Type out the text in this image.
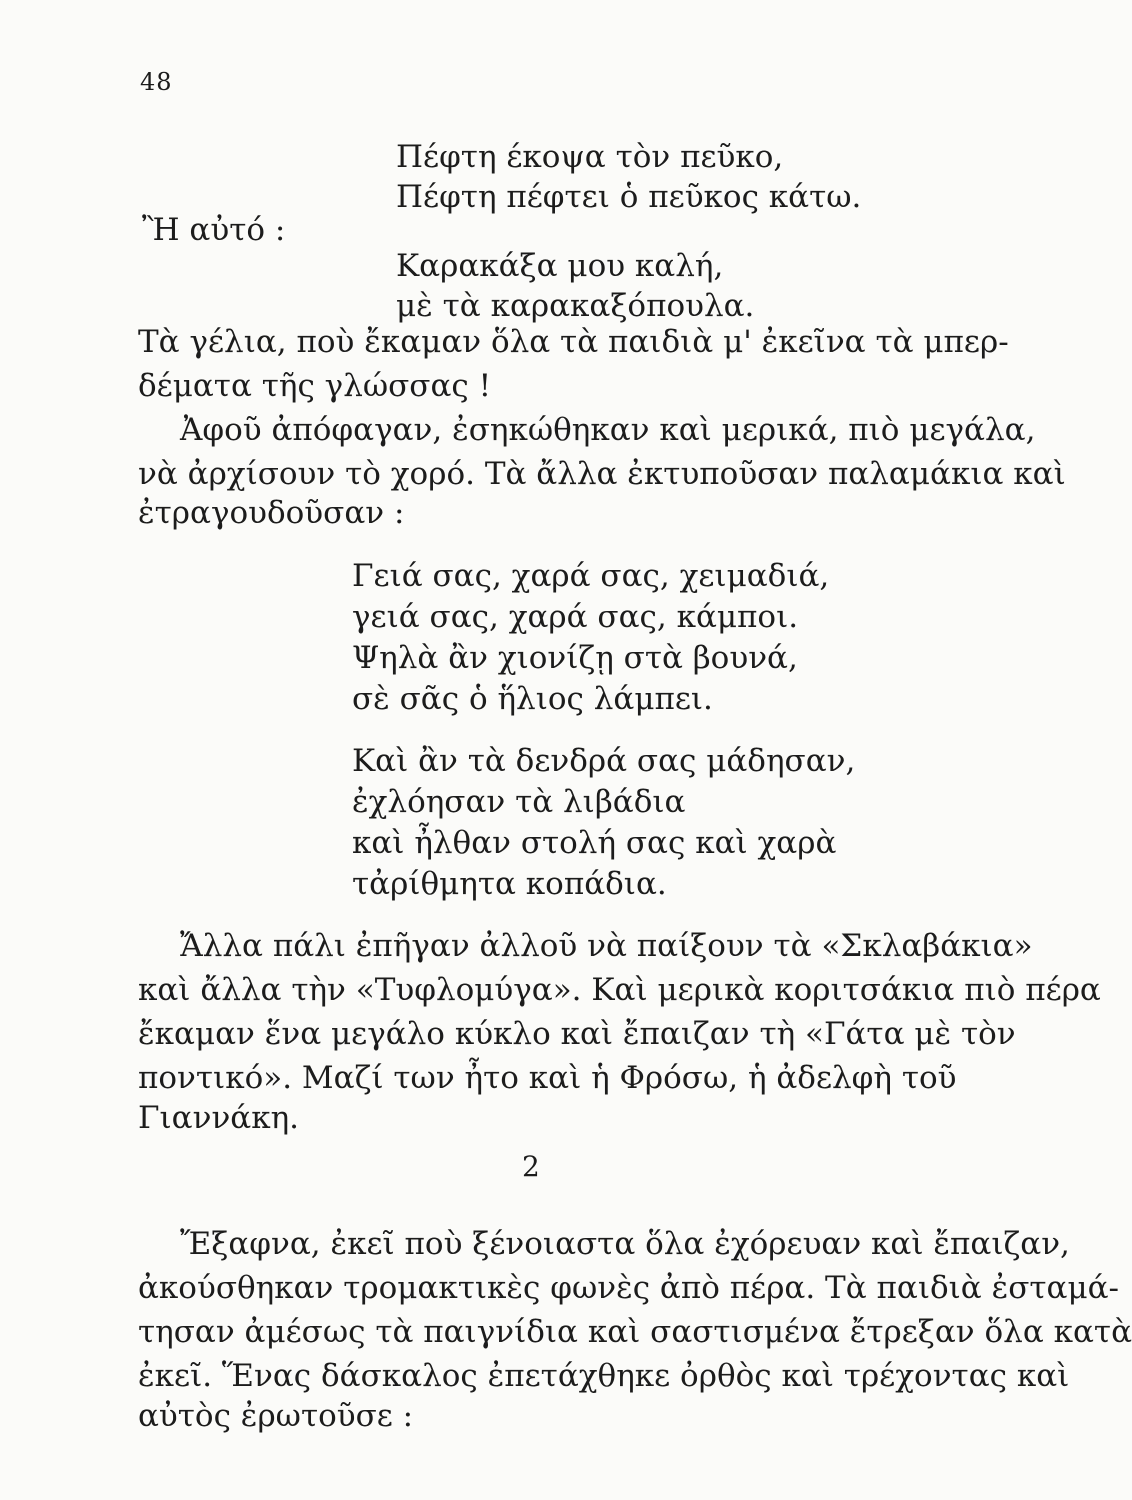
48
Πέφτη έκοψα τὸν πεῦκο,
Πέφτη πέφτει ὁ πεῦκος κάτω.
Ἢ αὐτό :
Καρακάξα μου καλή,
μὲ τὰ καρακαξόπουλα.
Τὰ γέλια, ποὺ ἔκαμαν ὅλα τὰ παιδιὰ μ' ἐκεῖνα τὰ μπερ-
δέματα τῆς γλώσσας !
Ἀφοῦ ἀπόφαγαν, ἐσηκώθηκαν καὶ μερικά, πιὸ μεγάλα,
νὰ ἀρχίσουν τὸ χορό. Τὰ ἄλλα ἐκτυποῦσαν παλαμάκια καὶ
ἐτραγουδοῦσαν :
Γειά σας, χαρά σας, χειμαδιά,
γειά σας, χαρά σας, κάμποι.
Ψηλὰ ἂν χιονίζῃ στὰ βουνά,
σὲ σᾶς ὁ ἥλιος λάμπει.
Καὶ ἂν τὰ δενδρά σας μάδησαν,
ἐχλόησαν τὰ λιβάδια
καὶ ἦλθαν στολή σας καὶ χαρὰ
τἀρίθμητα κοπάδια.
Ἄλλα πάλι ἐπῆγαν ἀλλοῦ νὰ παίξουν τὰ «Σκλαβάκια»
καὶ ἄλλα τὴν «Τυφλομύγα». Καὶ μερικὰ κοριτσάκια πιὸ πέρα
ἔκαμαν ἕνα μεγάλο κύκλο καὶ ἔπαιζαν τὴ «Γάτα μὲ τὸν
ποντικό». Μαζί των ἦτο καὶ ἡ Φρόσω, ἡ ἀδελφὴ τοῦ
Γιαννάκη.
2
Ἔξαφνα, ἐκεῖ ποὺ ξένοιαστα ὅλα ἐχόρευαν καὶ ἔπαιζαν,
ἀκούσθηκαν τρομακτικὲς φωνὲς ἀπὸ πέρα. Τὰ παιδιὰ ἐσταμά-
τησαν ἀμέσως τὰ παιγνίδια καὶ σαστισμένα ἔτρεξαν ὅλα κατὰ
ἐκεῖ. Ἕνας δάσκαλος ἐπετάχθηκε ὀρθὸς καὶ τρέχοντας καὶ
αὐτὸς ἐρωτοῦσε :
